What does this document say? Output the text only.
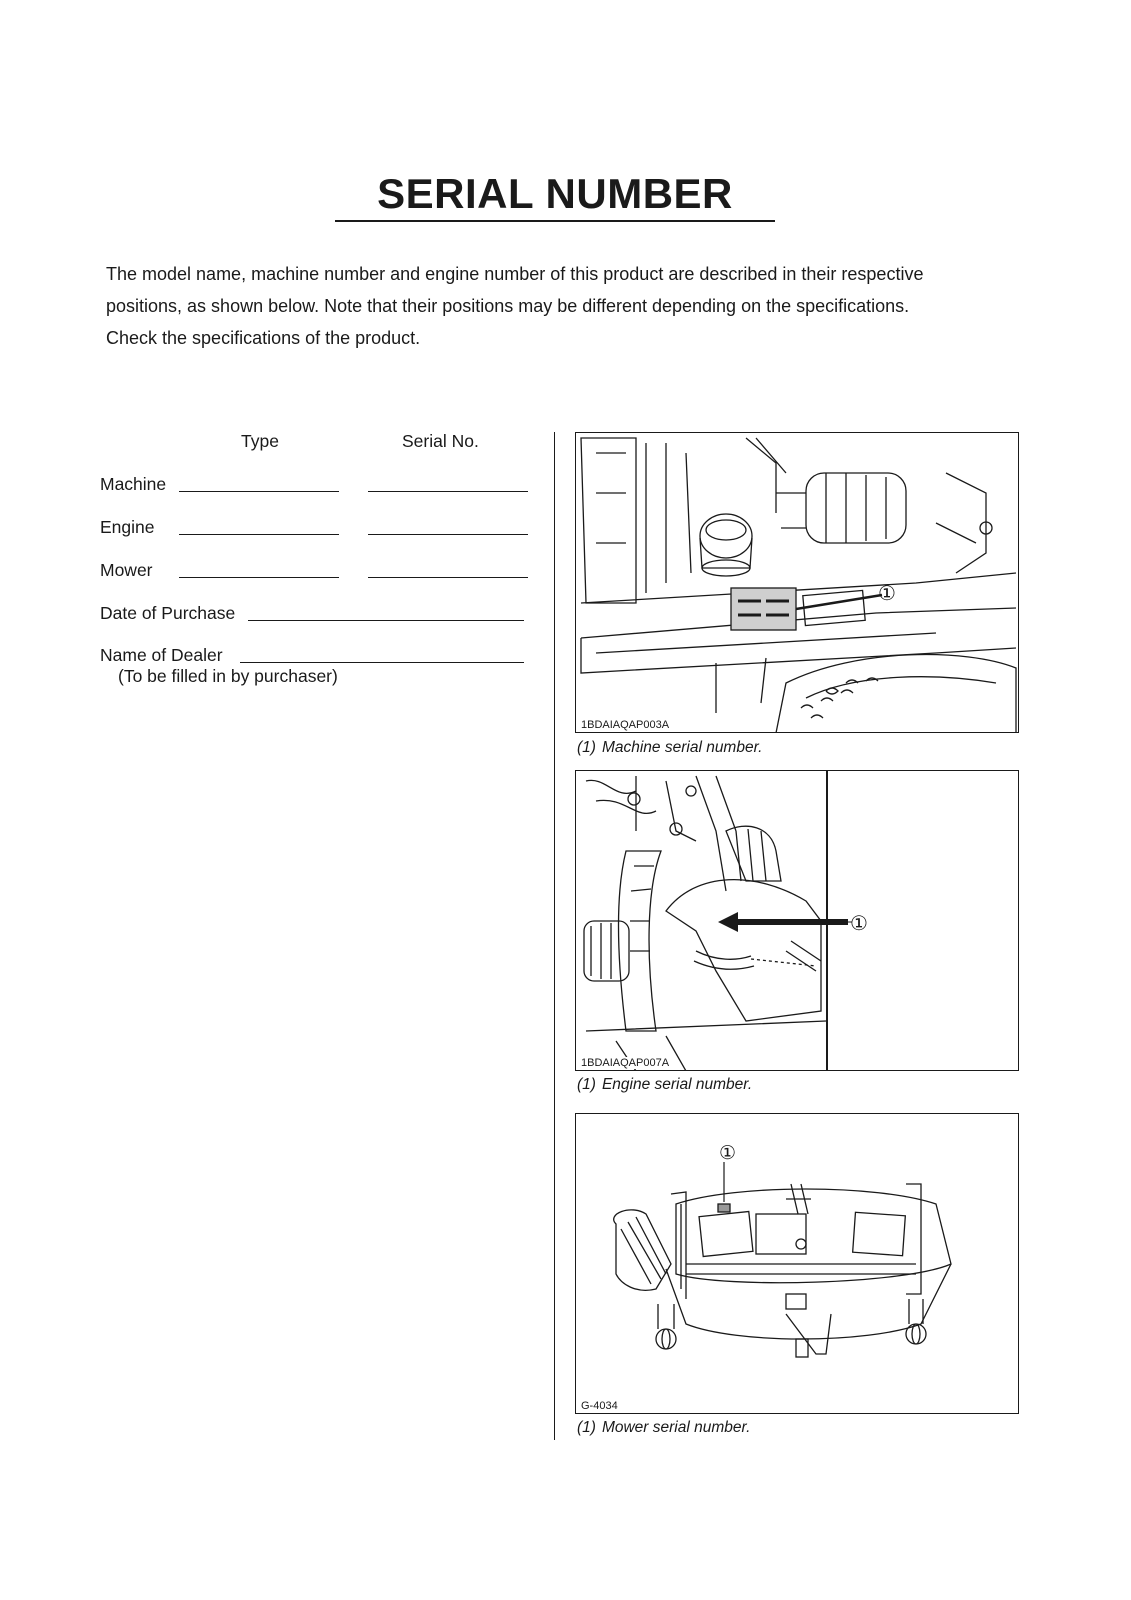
SERIAL NUMBER

The model name, machine number and engine number of this product are described in their respective

positions, as shown below. Note that their positions may be different depending on the specifications.

Check the specifications of the product.

Type	Serial No.
Machine
Engine
Mower
Date of Purchase
Name of Dealer
(To be filled in by purchaser)
①
1BDAIAQAP003A
(1) Machine serial number.
①
1BDAIAQAP007A
(1) Engine serial number.
①
G-4034
(1) Mower serial number.
